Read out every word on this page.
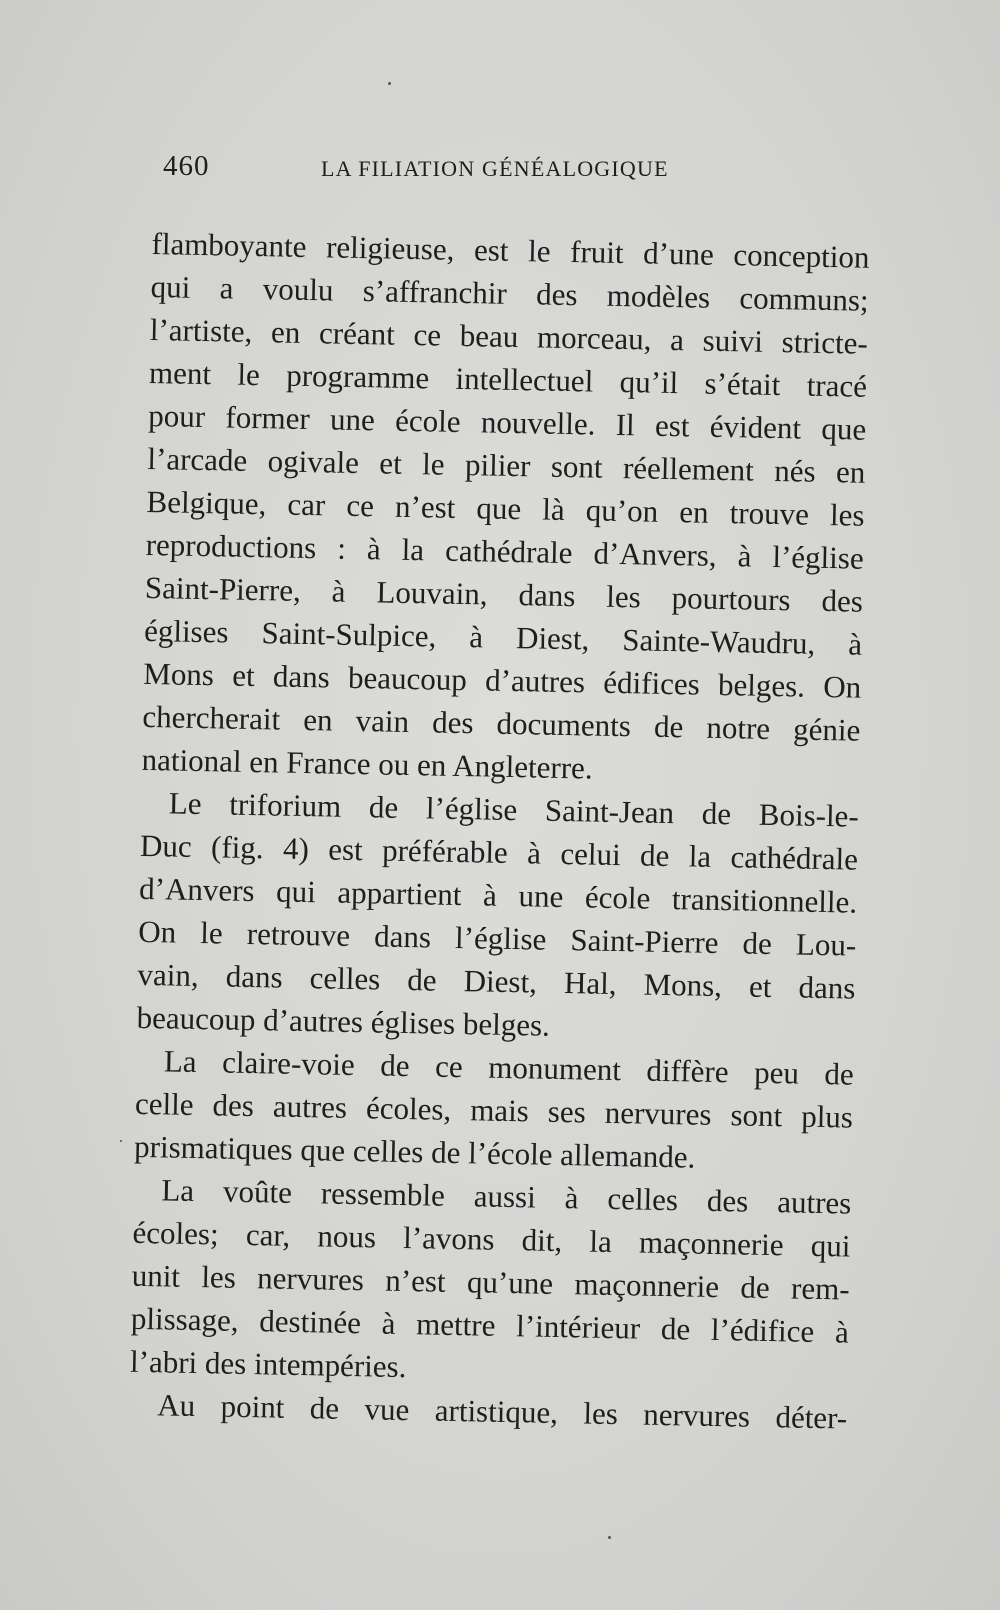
460	LA FILIATION GÉNÉALOGIQUE
flamboyante religieuse, est le fruit d’une conception
qui a voulu s’affranchir des modèles communs;
l’artiste, en créant ce beau morceau, a suivi stricte-
ment le programme intellectuel qu’il s’était tracé
pour former une école nouvelle. Il est évident que
l’arcade ogivale et le pilier sont réellement nés en
Belgique, car ce n’est que là qu’on en trouve les
reproductions : à la cathédrale d’Anvers, à l’église
Saint-Pierre, à Louvain, dans les pourtours des
églises Saint-Sulpice, à Diest, Sainte-Waudru, à
Mons et dans beaucoup d’autres édifices belges. On
chercherait en vain des documents de notre génie
national en France ou en Angleterre.
Le triforium de l’église Saint-Jean de Bois-le-
Duc (fig. 4) est préférable à celui de la cathédrale
d’Anvers qui appartient à une école transitionnelle.
On le retrouve dans l’église Saint-Pierre de Lou-
vain, dans celles de Diest, Hal, Mons, et dans
beaucoup d’autres églises belges.
La claire-voie de ce monument diffère peu de
celle des autres écoles, mais ses nervures sont plus
prismatiques que celles de l’école allemande.
La voûte ressemble aussi à celles des autres
écoles; car, nous l’avons dit, la maçonnerie qui
unit les nervures n’est qu’une maçonnerie de rem-
plissage, destinée à mettre l’intérieur de l’édifice à
l’abri des intempéries.
Au point de vue artistique, les nervures déter-
